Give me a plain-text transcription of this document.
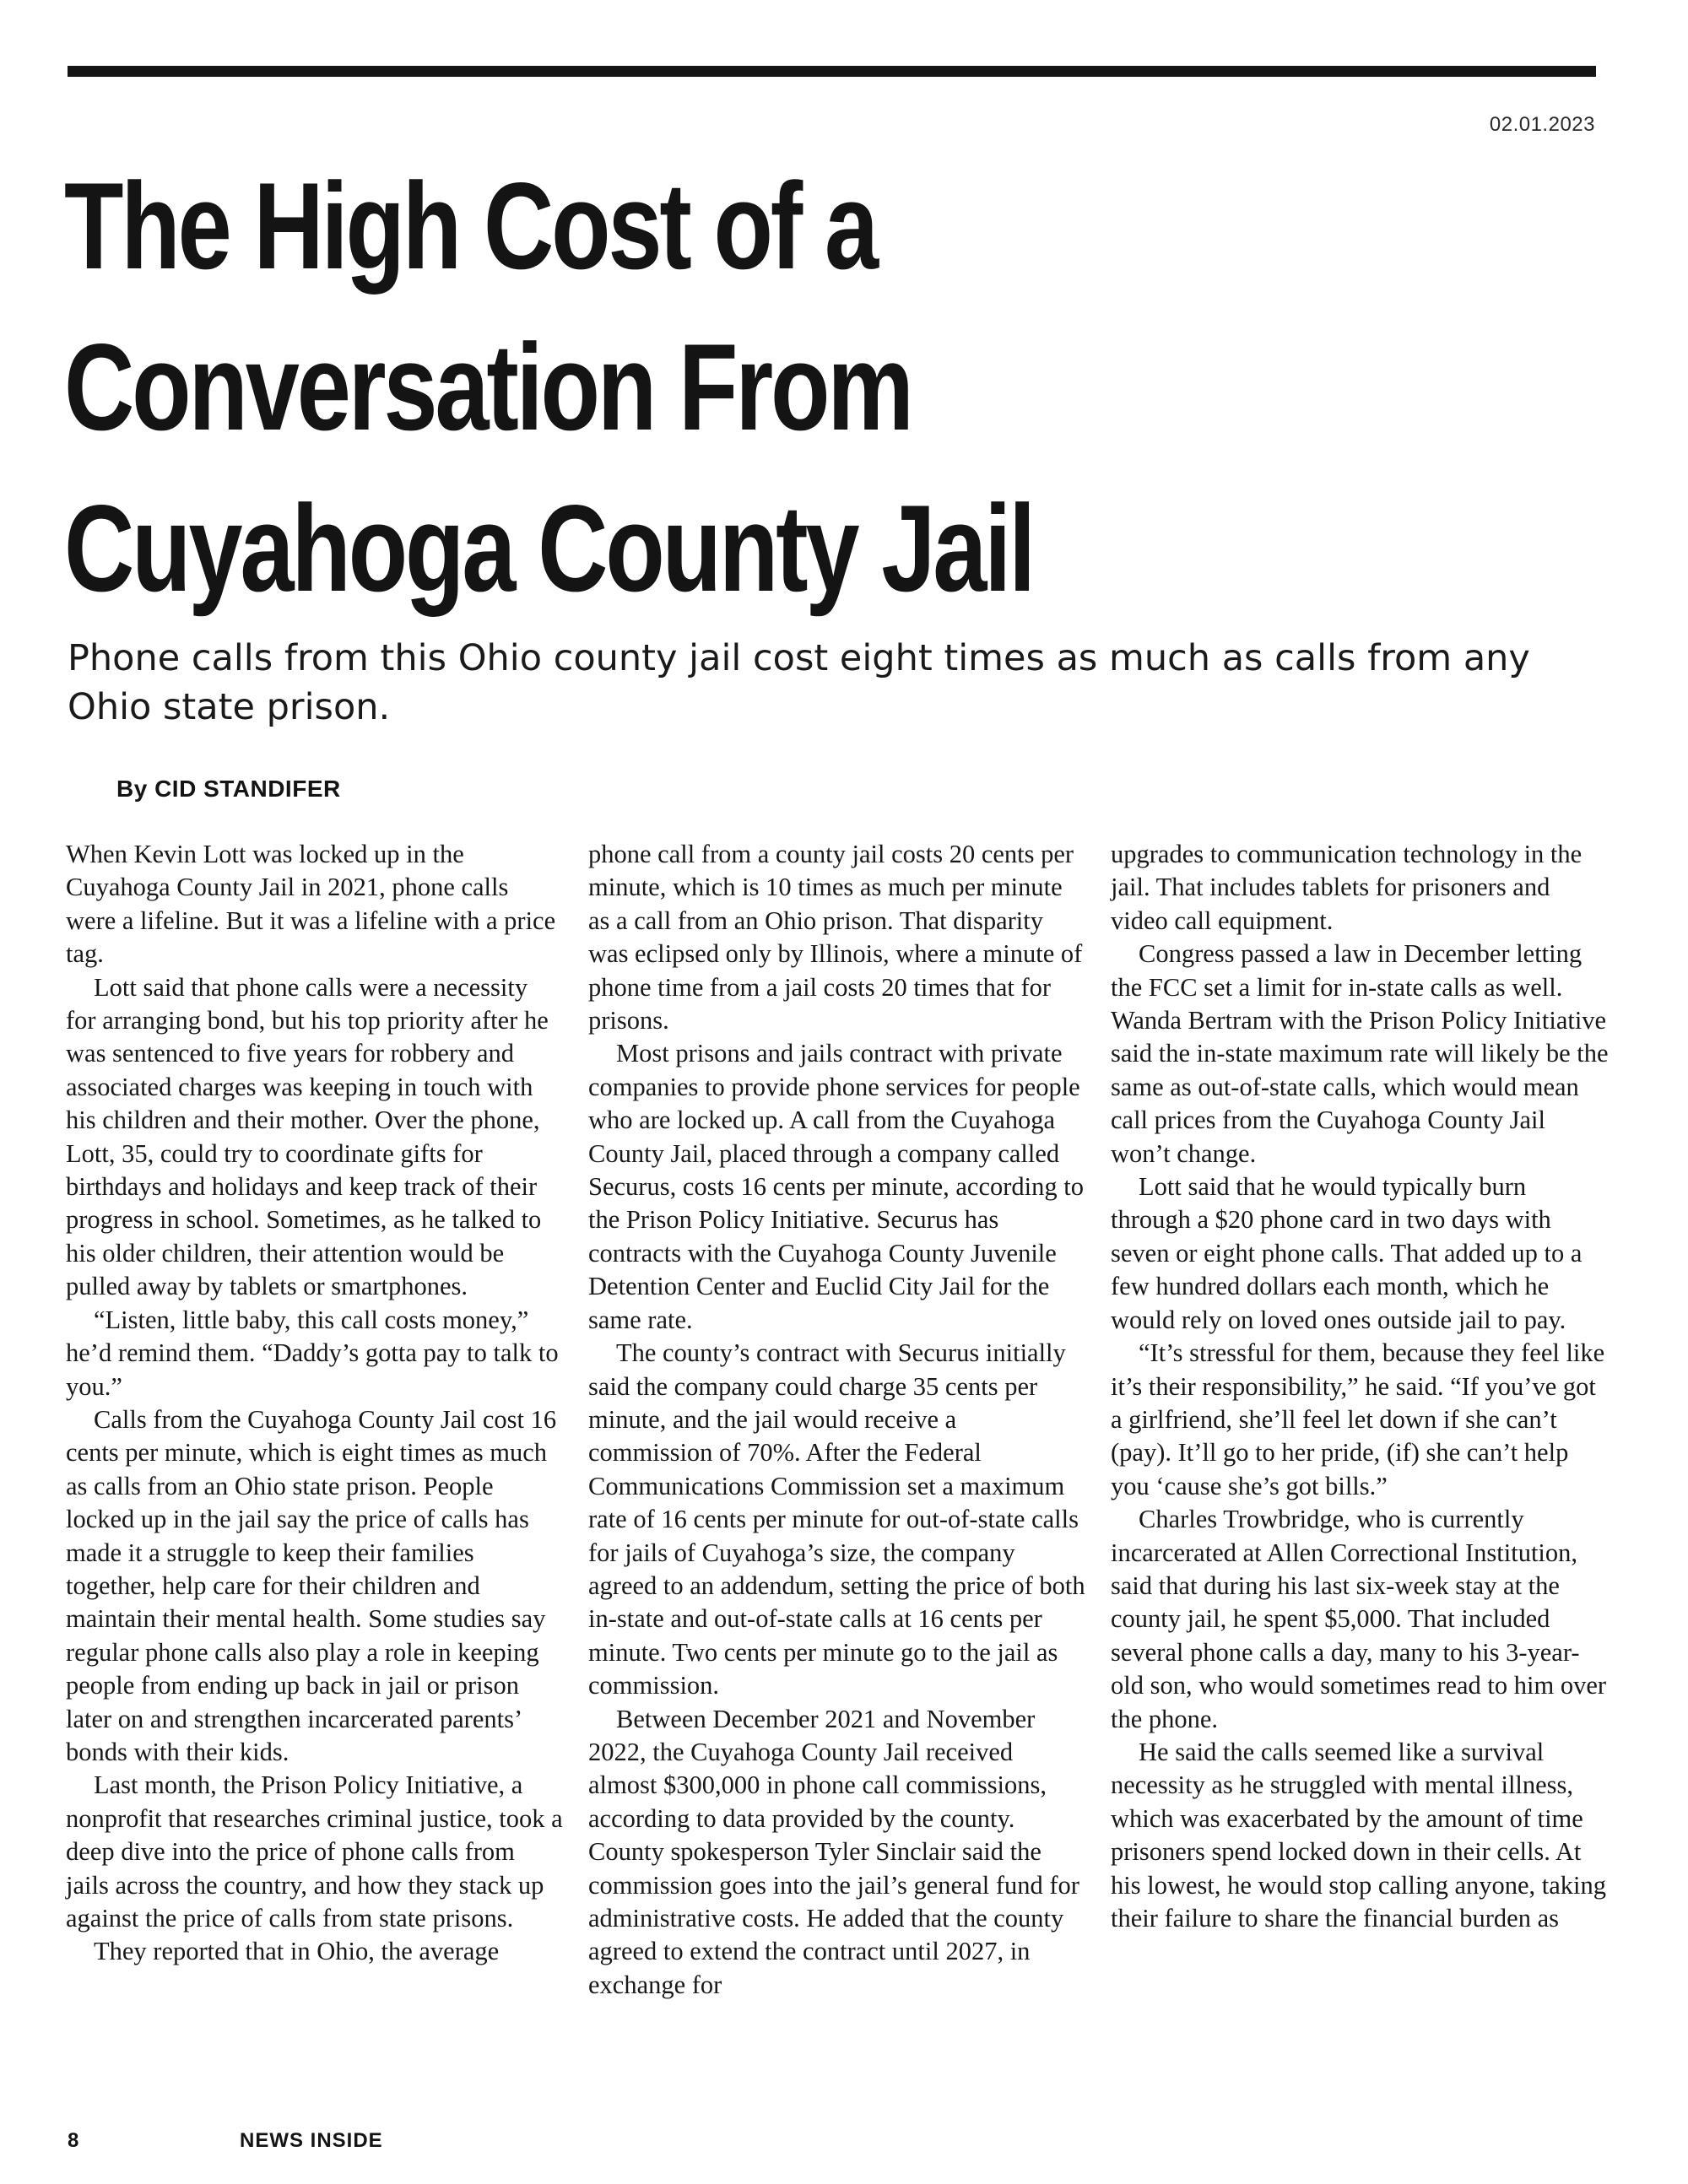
02.01.2023
The High Cost of a
Conversation From
Cuyahoga County Jail

Phone calls from this Ohio county jail cost eight times as much as calls from any Ohio state prison.

By CID STANDIFER

When Kevin Lott was locked up in the Cuyahoga County Jail in 2021, phone calls were a lifeline. But it was a lifeline with a price tag.

Lott said that phone calls were a necessity for arranging bond, but his top priority after he was sentenced to five years for robbery and associated charges was keeping in touch with his children and their mother. Over the phone, Lott, 35, could try to coordinate gifts for birthdays and holidays and keep track of their progress in school. Sometimes, as he talked to his older children, their attention would be pulled away by tablets or smartphones.

“Listen, little baby, this call costs money,” he’d remind them. “Daddy’s gotta pay to talk to you.”

Calls from the Cuyahoga County Jail cost 16 cents per minute, which is eight times as much as calls from an Ohio state prison. People locked up in the jail say the price of calls has made it a struggle to keep their families together, help care for their children and maintain their mental health. Some studies say regular phone calls also play a role in keeping people from ending up back in jail or prison later on and strengthen incarcerated parents’ bonds with their kids.

Last month, the Prison Policy Initiative, a nonprofit that researches criminal justice, took a deep dive into the price of phone calls from jails across the country, and how they stack up against the price of calls from state prisons.

They reported that in Ohio, the average

phone call from a county jail costs 20 cents per minute, which is 10 times as much per minute as a call from an Ohio prison. That disparity was eclipsed only by Illinois, where a minute of phone time from a jail costs 20 times that for prisons.

Most prisons and jails contract with private companies to provide phone services for people who are locked up. A call from the Cuyahoga County Jail, placed through a company called Securus, costs 16 cents per minute, according to the Prison Policy Initiative. Securus has contracts with the Cuyahoga County Juvenile Detention Center and Euclid City Jail for the same rate.

The county’s contract with Securus initially said the company could charge 35 cents per minute, and the jail would receive a commission of 70%. After the Federal Communications Commission set a maximum rate of 16 cents per minute for out-of-state calls for jails of Cuyahoga’s size, the company agreed to an addendum, setting the price of both in-state and out-of-state calls at 16 cents per minute. Two cents per minute go to the jail as commission.

Between December 2021 and November 2022, the Cuyahoga County Jail received almost $300,000 in phone call commissions, according to data provided by the county. County spokesperson Tyler Sinclair said the commission goes into the jail’s general fund for administrative costs. He added that the county agreed to extend the contract until 2027, in exchange for

upgrades to communication technology in the jail. That includes tablets for prisoners and video call equipment.

Congress passed a law in December letting the FCC set a limit for in-state calls as well. Wanda Bertram with the Prison Policy Initiative said the in-state maximum rate will likely be the same as out-of-state calls, which would mean call prices from the Cuyahoga County Jail won’t change.

Lott said that he would typically burn through a $20 phone card in two days with seven or eight phone calls. That added up to a few hundred dollars each month, which he would rely on loved ones outside jail to pay.

“It’s stressful for them, because they feel like it’s their responsibility,” he said. “If you’ve got a girlfriend, she’ll feel let down if she can’t (pay). It’ll go to her pride, (if) she can’t help you ‘cause she’s got bills.”

Charles Trowbridge, who is currently incarcerated at Allen Correctional Institution, said that during his last six-week stay at the county jail, he spent $5,000. That included several phone calls a day, many to his 3-year-old son, who would sometimes read to him over the phone.

He said the calls seemed like a survival necessity as he struggled with mental illness, which was exacerbated by the amount of time prisoners spend locked down in their cells. At his lowest, he would stop calling anyone, taking their failure to share the financial burden as

8	NEWS INSIDE
